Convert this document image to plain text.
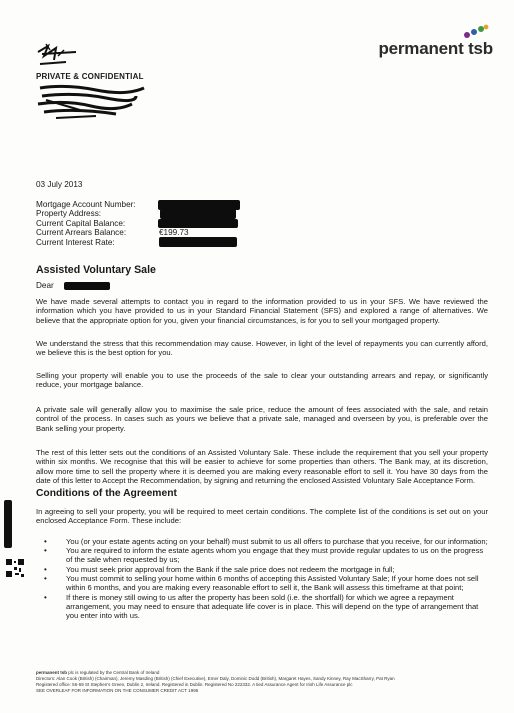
permanent tsb
PRIVATE & CONFIDENTIAL
03 July 2013
Mortgage Account Number:
Property Address:
Current Capital Balance:
Current Arrears Balance:	€199.73
Current Interest Rate:
Assisted Voluntary Sale
Dear
We have made several attempts to contact you in regard to the information provided to us in your SFS. We have reviewed the information which you have provided to us in your Standard Financial Statement (SFS) and explored a range of alternatives. We believe that the appropriate option for you, given your financial circumstances, is for you to sell your mortgaged property.
We understand the stress that this recommendation may cause. However, in light of the level of repayments you can currently afford, we believe this is the best option for you.
Selling your property will enable you to use the proceeds of the sale to clear your outstanding arrears and repay, or significantly reduce, your mortgage balance.
A private sale will generally allow you to maximise the sale price, reduce the amount of fees associated with the sale, and retain control of the process. In cases such as yours we believe that a private sale, managed and overseen by you, is preferable over the Bank selling your property.
The rest of this letter sets out the conditions of an Assisted Voluntary Sale. These include the requirement that you sell your property within six months. We recognise that this will be easier to achieve for some properties than others. The Bank may, at its discretion, allow more time to sell the property where it is deemed you are making every reasonable effort to sell it. You have 30 days from the date of this letter to Accept the Recommendation, by signing and returning the enclosed Assisted Voluntary Sale Acceptance Form.
Conditions of the Agreement
In agreeing to sell your property, you will be required to meet certain conditions. The complete list of the conditions is set out on your enclosed Acceptance Form. These include:
•	You (or your estate agents acting on your behalf) must submit to us all offers to purchase that you receive, for our information;
•	You are required to inform the estate agents whom you engage that they must provide regular updates to us on the progress of the sale when requested by us;
•	You must seek prior approval from the Bank if the sale price does not redeem the mortgage in full;
•	You must commit to selling your home within 6 months of accepting this Assisted Voluntary Sale; If your home does not sell within 6 months, and you are making every reasonable effort to sell it, the Bank will assess this timeframe at that point;
•	If there is money still owing to us after the property has been sold (i.e. the shortfall) for which we agree a repayment arrangement, you may need to ensure that adequate life cover is in place. This will depend on the type of arrangement that you enter into with us.
permanent tsb plc is regulated by the Central Bank of Ireland
Directors: Alan Cook (British) (Chairman), Jeremy Masding (British) (Chief Executive), Emer Daly, Dominic Dodd (British), Margaret Hayes, Sandy Kinney, Ray MacSharry, Pat Ryan
Registered office: 56-59 St Stephen's Green, Dublin 2, Ireland. Registered in Dublin. Registered No 222332. A tied Assurance Agent for Irish Life Assurance plc
SEE OVERLEAF FOR INFORMATION ON THE CONSUMER CREDIT ACT 1995
